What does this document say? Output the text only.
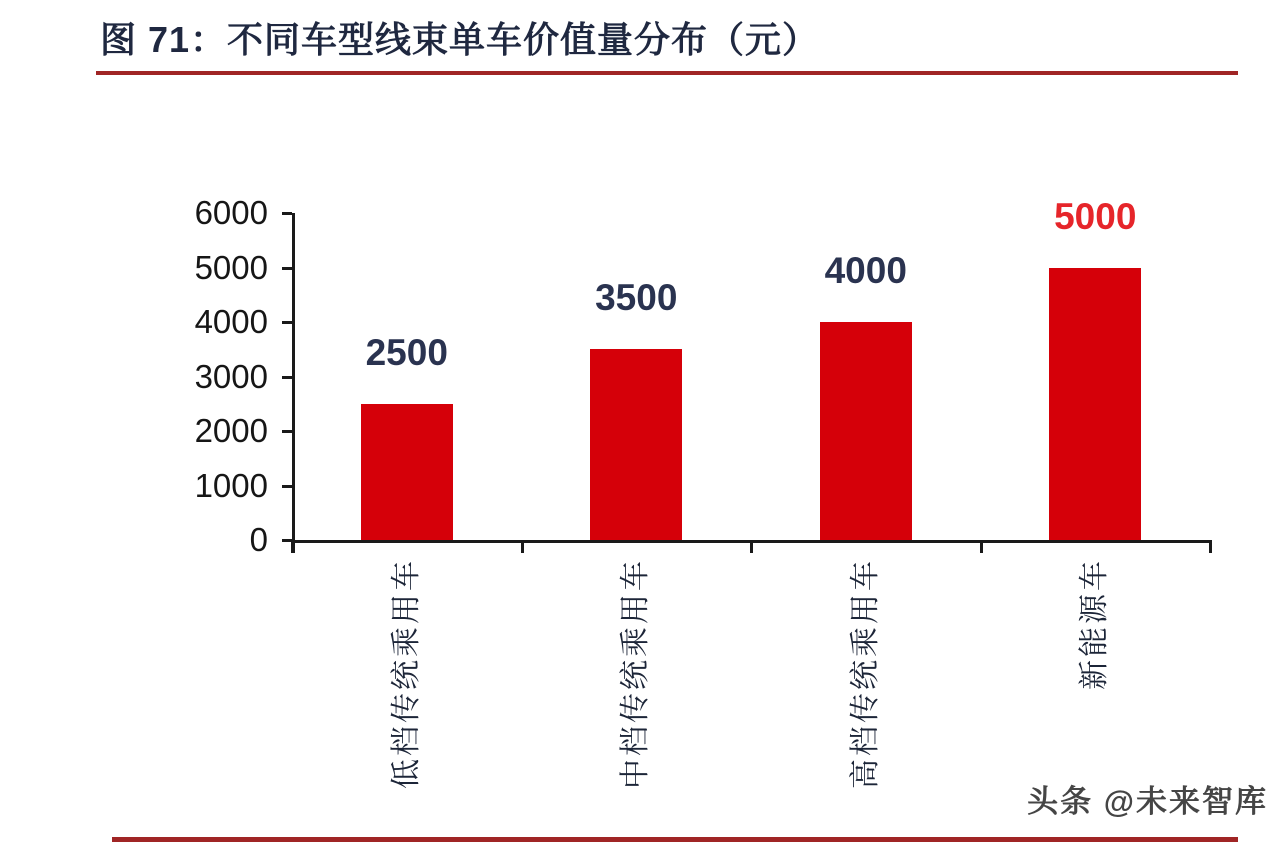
图 71：不同车型线束单车价值量分布（元）
0
1000
2000
3000
4000
5000
6000
2500
低档传统乘用车
3500
中档传统乘用车
4000
高档传统乘用车
5000
新能源车
头条 @未来智库
